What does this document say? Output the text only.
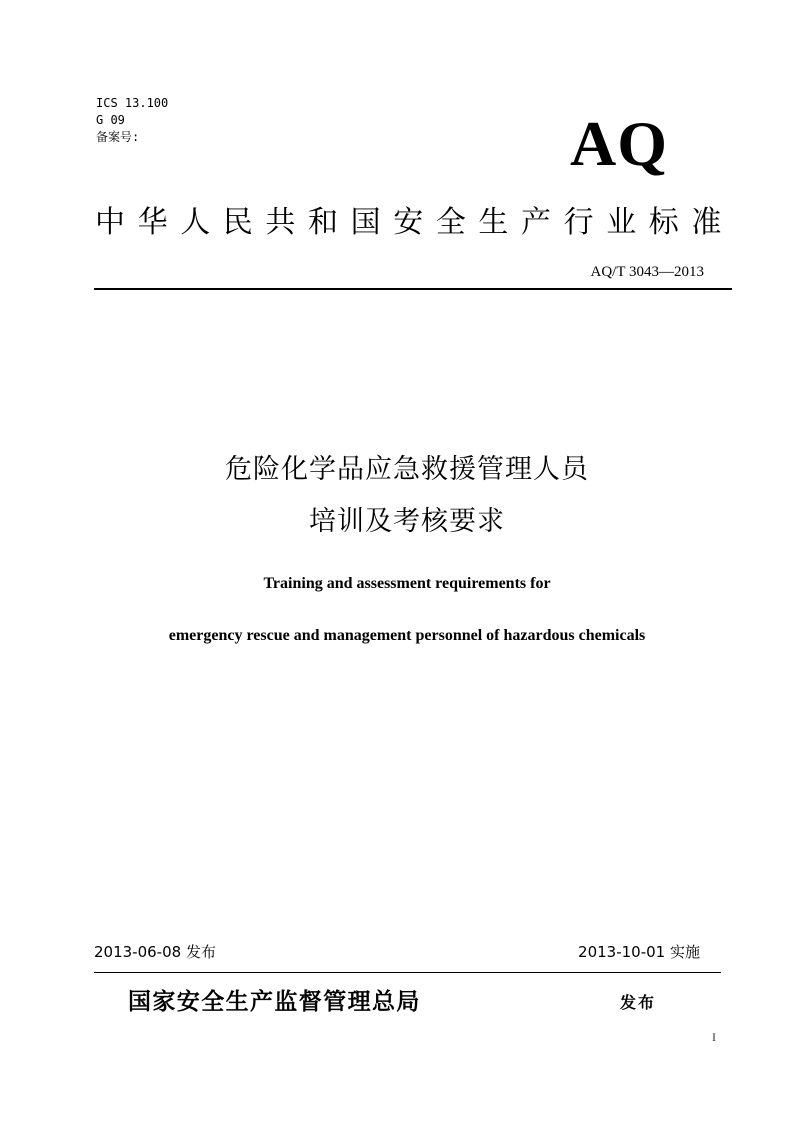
ICS 13.100
G 09
备案号:	AQ
中华人民共和国安全生产行业标准
AQ/T 3043—2013
危险化学品应急救援管理人员
培训及考核要求
Training and assessment requirements for
emergency rescue and management personnel of hazardous chemicals
2013-06-08 发布	2013-10-01 实施
国家安全生产监督管理总局	发布
I
